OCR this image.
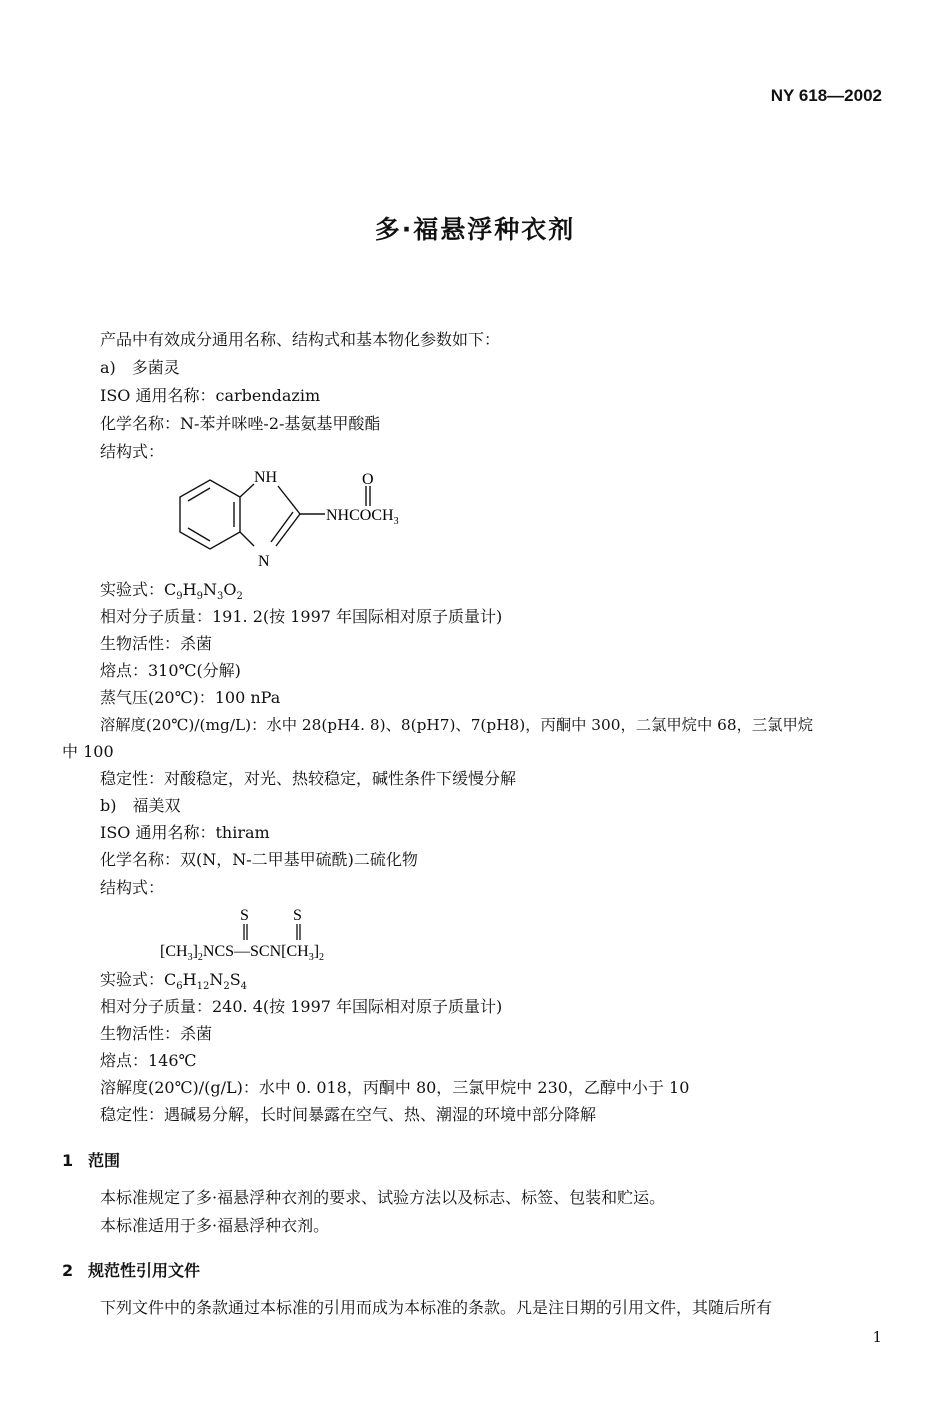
NY 618—2002
多·福悬浮种衣剂
产品中有效成分通用名称、结构式和基本物化参数如下：
a)　多菌灵
ISO 通用名称：carbendazim
化学名称：N-苯并咪唑-2-基氨基甲酸酯
结构式：
NH	O
N
$NHCOCH_3$
实验式：$C_9H_9N_3O_2$
相对分子质量：191. 2(按 1997 年国际相对原子质量计)
生物活性：杀菌
熔点：310℃(分解)
蒸气压(20℃)：100 nPa
溶解度(20℃)/(mg/L)：水中 28(pH4. 8)、8(pH7)、7(pH8)，丙酮中 300，二氯甲烷中 68，三氯甲烷
中 100
稳定性：对酸稳定，对光、热较稳定，碱性条件下缓慢分解
b)　福美双
ISO 通用名称：thiram
化学名称：双(N，N-二甲基甲硫酰)二硫化物
结构式：
S	S
$[CH_3]_2NCS—SCN[CH_3]_2$
实验式：$C_6H_{12}N_2S_4$
相对分子质量：240. 4(按 1997 年国际相对原子质量计)
生物活性：杀菌
熔点：146℃
溶解度(20℃)/(g/L)：水中 0. 018，丙酮中 80，三氯甲烷中 230，乙醇中小于 10
稳定性：遇碱易分解，长时间暴露在空气、热、潮湿的环境中部分降解
1 范围
本标准规定了多·福悬浮种衣剂的要求、试验方法以及标志、标签、包装和贮运。
本标准适用于多·福悬浮种衣剂。
2 规范性引用文件
下列文件中的条款通过本标准的引用而成为本标准的条款。凡是注日期的引用文件，其随后所有
1
